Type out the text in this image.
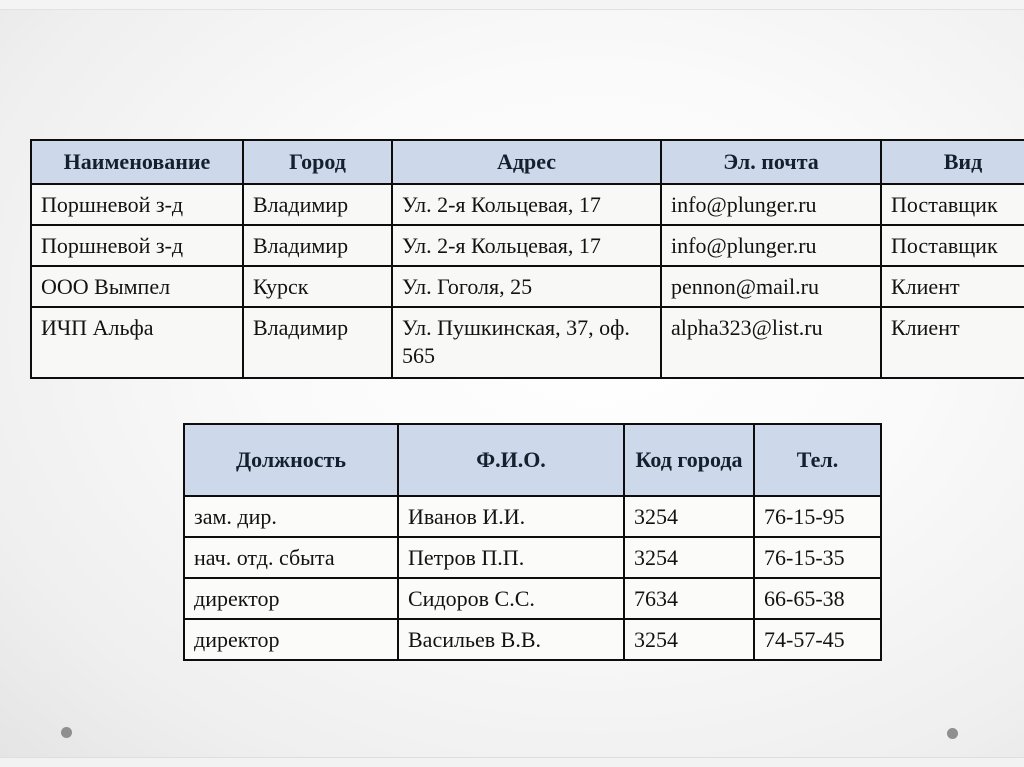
Наименование	Город	Адрес	Эл. почта	Вид
Поршневой з-д	Владимир	Ул. 2-я Кольцевая, 17	info@plunger.ru	Поставщик
Поршневой з-д	Владимир	Ул. 2-я Кольцевая, 17	info@plunger.ru	Поставщик
ООО Вымпел	Курск	Ул. Гоголя, 25	pennon@mail.ru	Клиент
ИЧП Альфа	Владимир	Ул. Пушкинская, 37, оф. 565	alpha323@list.ru	Клиент
Должность	Ф.И.О.	Код города	Тел.
зам. дир.	Иванов И.И.	3254	76-15-95
нач. отд. сбыта	Петров П.П.	3254	76-15-35
директор	Сидоров С.С.	7634	66-65-38
директор	Васильев В.В.	3254	74-57-45
